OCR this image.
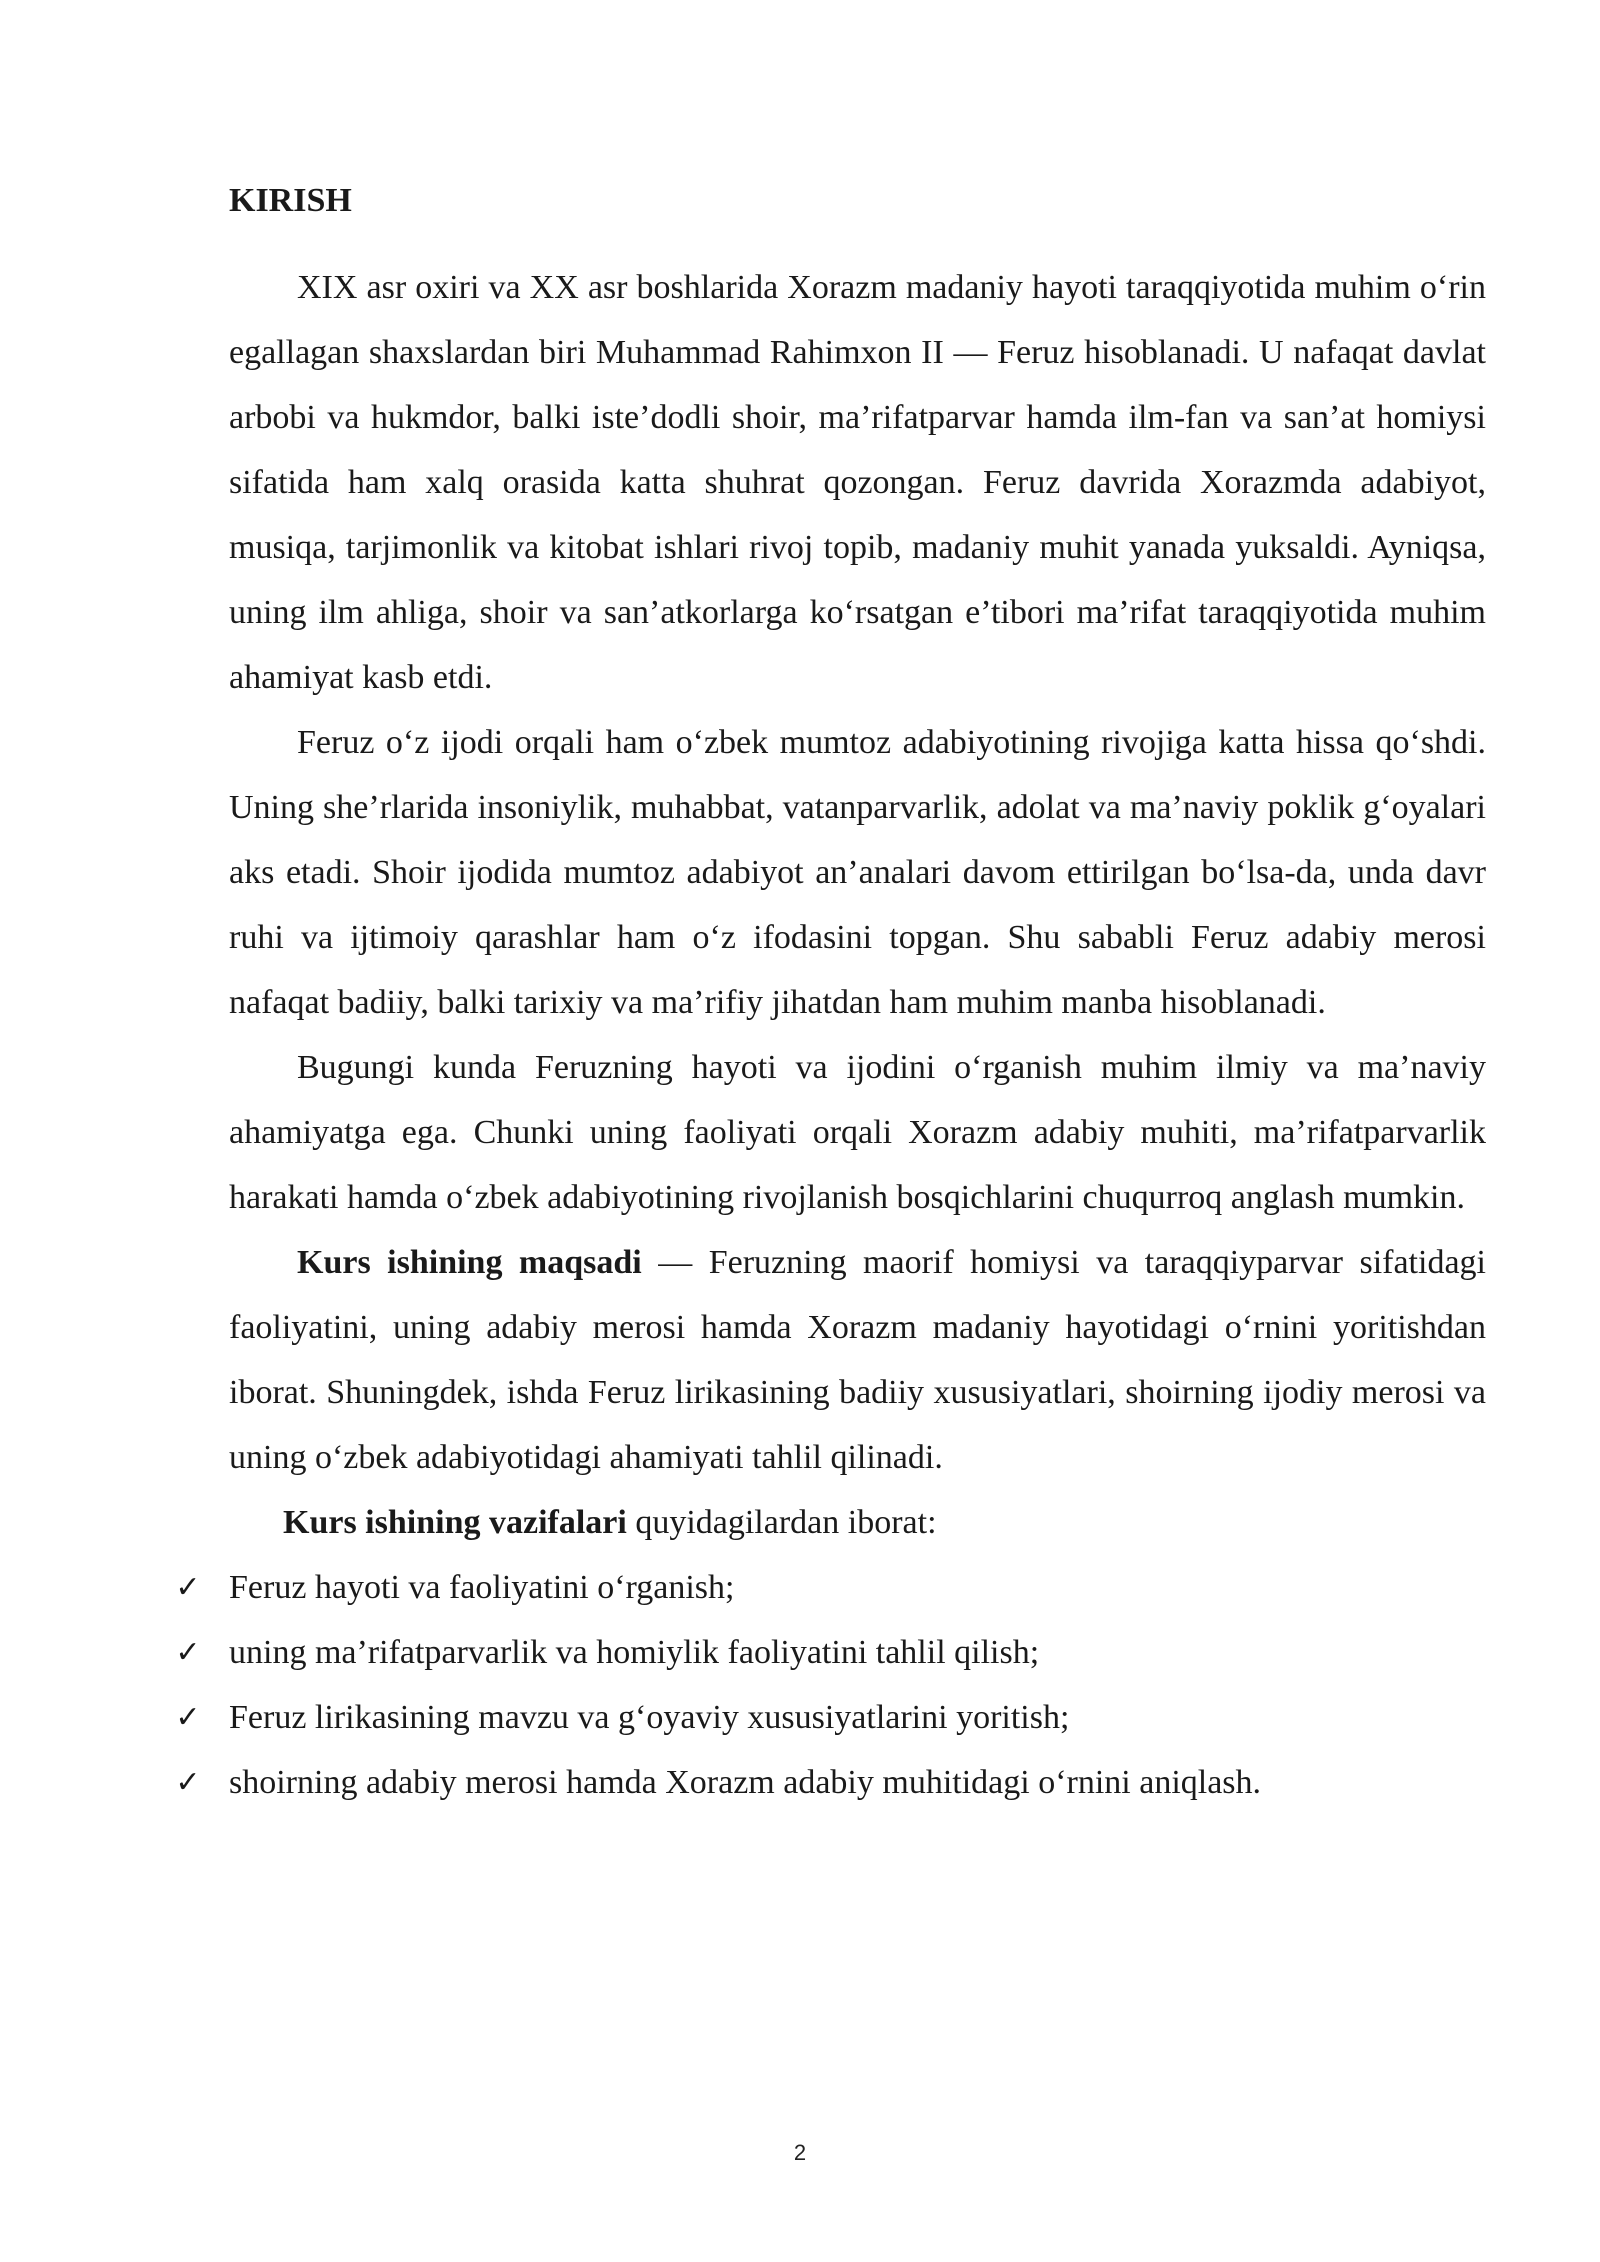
KIRISH

XIX asr oxiri va XX asr boshlarida Xorazm madaniy hayoti taraqqiyotida muhim o‘rin egallagan shaxslardan biri Muhammad Rahimxon II — Feruz hisoblanadi. U nafaqat davlat arbobi va hukmdor, balki iste’dodli shoir, ma’rifatparvar hamda ilm-fan va san’at homiysi sifatida ham xalq orasida katta shuhrat qozongan. Feruz davrida Xorazmda adabiyot, musiqa, tarjimonlik va kitobat ishlari rivoj topib, madaniy muhit yanada yuksaldi. Ayniqsa, uning ilm ahliga, shoir va san’atkorlarga ko‘rsatgan e’tibori ma’rifat taraqqiyotida muhim ahamiyat kasb etdi.

Feruz o‘z ijodi orqali ham o‘zbek mumtoz adabiyotining rivojiga katta hissa qo‘shdi. Uning she’rlarida insoniylik, muhabbat, vatanparvarlik, adolat va ma’naviy poklik g‘oyalari aks etadi. Shoir ijodida mumtoz adabiyot an’analari davom ettirilgan bo‘lsa-da, unda davr ruhi va ijtimoiy qarashlar ham o‘z ifodasini topgan. Shu sababli Feruz adabiy merosi nafaqat badiiy, balki tarixiy va ma’rifiy jihatdan ham muhim manba hisoblanadi.

Bugungi kunda Feruzning hayoti va ijodini o‘rganish muhim ilmiy va ma’naviy ahamiyatga ega. Chunki uning faoliyati orqali Xorazm adabiy muhiti, ma’rifatparvarlik harakati hamda o‘zbek adabiyotining rivojlanish bosqichlarini chuqurroq anglash mumkin.

Kurs ishining maqsadi — Feruzning maorif homiysi va taraqqiyparvar sifatidagi faoliyatini, uning adabiy merosi hamda Xorazm madaniy hayotidagi o‘rnini yoritishdan iborat. Shuningdek, ishda Feruz lirikasining badiiy xususiyatlari, shoirning ijodiy merosi va uning o‘zbek adabiyotidagi ahamiyati tahlil qilinadi.

Kurs ishining vazifalari quyidagilardan iborat:

✓ Feruz hayoti va faoliyatini o‘rganish;
✓ uning ma’rifatparvarlik va homiylik faoliyatini tahlil qilish;
✓ Feruz lirikasining mavzu va g‘oyaviy xususiyatlarini yoritish;
✓ shoirning adabiy merosi hamda Xorazm adabiy muhitidagi o‘rnini aniqlash.
2
